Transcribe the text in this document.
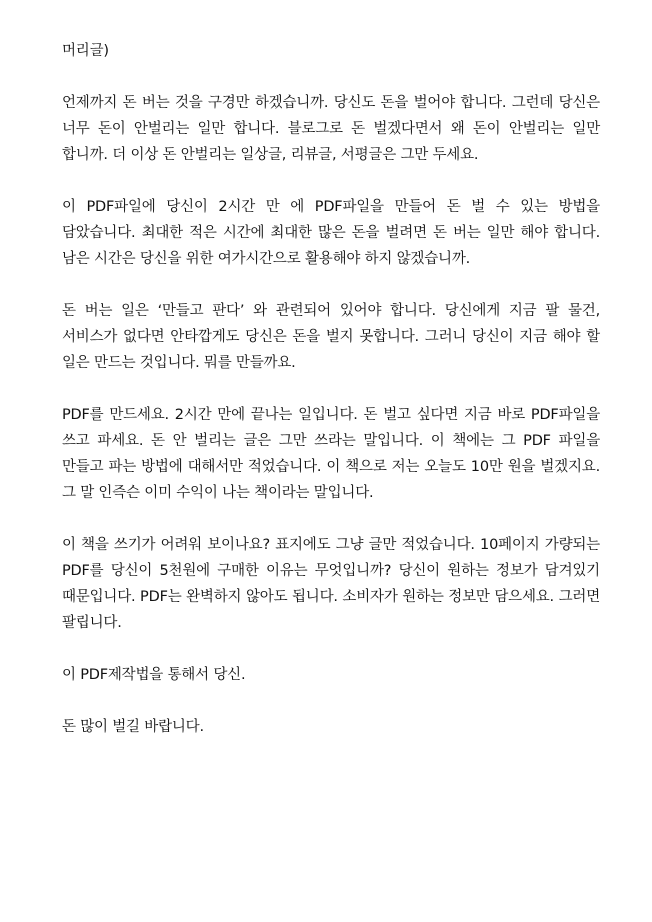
머리글)

언제까지 돈 버는 것을 구경만 하겠습니까. 당신도 돈을 벌어야 합니다. 그런데 당신은 너무 돈이 안벌리는 일만 합니다. 블로그로 돈 벌겠다면서 왜 돈이 안벌리는 일만 합니까. 더 이상 돈 안벌리는 일상글, 리뷰글, 서평글은 그만 두세요.

이 PDF파일에 당신이 2시간 만 에 PDF파일을 만들어 돈 벌 수 있는 방법을 담았습니다. 최대한 적은 시간에 최대한 많은 돈을 벌려면 돈 버는 일만 해야 합니다. 남은 시간은 당신을 위한 여가시간으로 활용해야 하지 않겠습니까.

돈 버는 일은 ‘만들고 판다’ 와 관련되어 있어야 합니다. 당신에게 지금 팔 물건, 서비스가 없다면 안타깝게도 당신은 돈을 벌지 못합니다. 그러니 당신이 지금 해야 할 일은 만드는 것입니다. 뭐를 만들까요.

PDF를 만드세요. 2시간 만에 끝나는 일입니다. 돈 벌고 싶다면 지금 바로 PDF파일을 쓰고 파세요. 돈 안 벌리는 글은 그만 쓰라는 말입니다. 이 책에는 그 PDF 파일을 만들고 파는 방법에 대해서만 적었습니다. 이 책으로 저는 오늘도 10만 원을 벌겠지요. 그 말 인즉슨 이미 수익이 나는 책이라는 말입니다.

이 책을 쓰기가 어려워 보이나요? 표지에도 그냥 글만 적었습니다. 10페이지 가량되는 PDF를 당신이 5천원에 구매한 이유는 무엇입니까? 당신이 원하는 정보가 담겨있기 때문입니다. PDF는 완벽하지 않아도 됩니다. 소비자가 원하는 정보만 담으세요. 그러면 팔립니다.

이 PDF제작법을 통해서 당신.

돈 많이 벌길 바랍니다.
